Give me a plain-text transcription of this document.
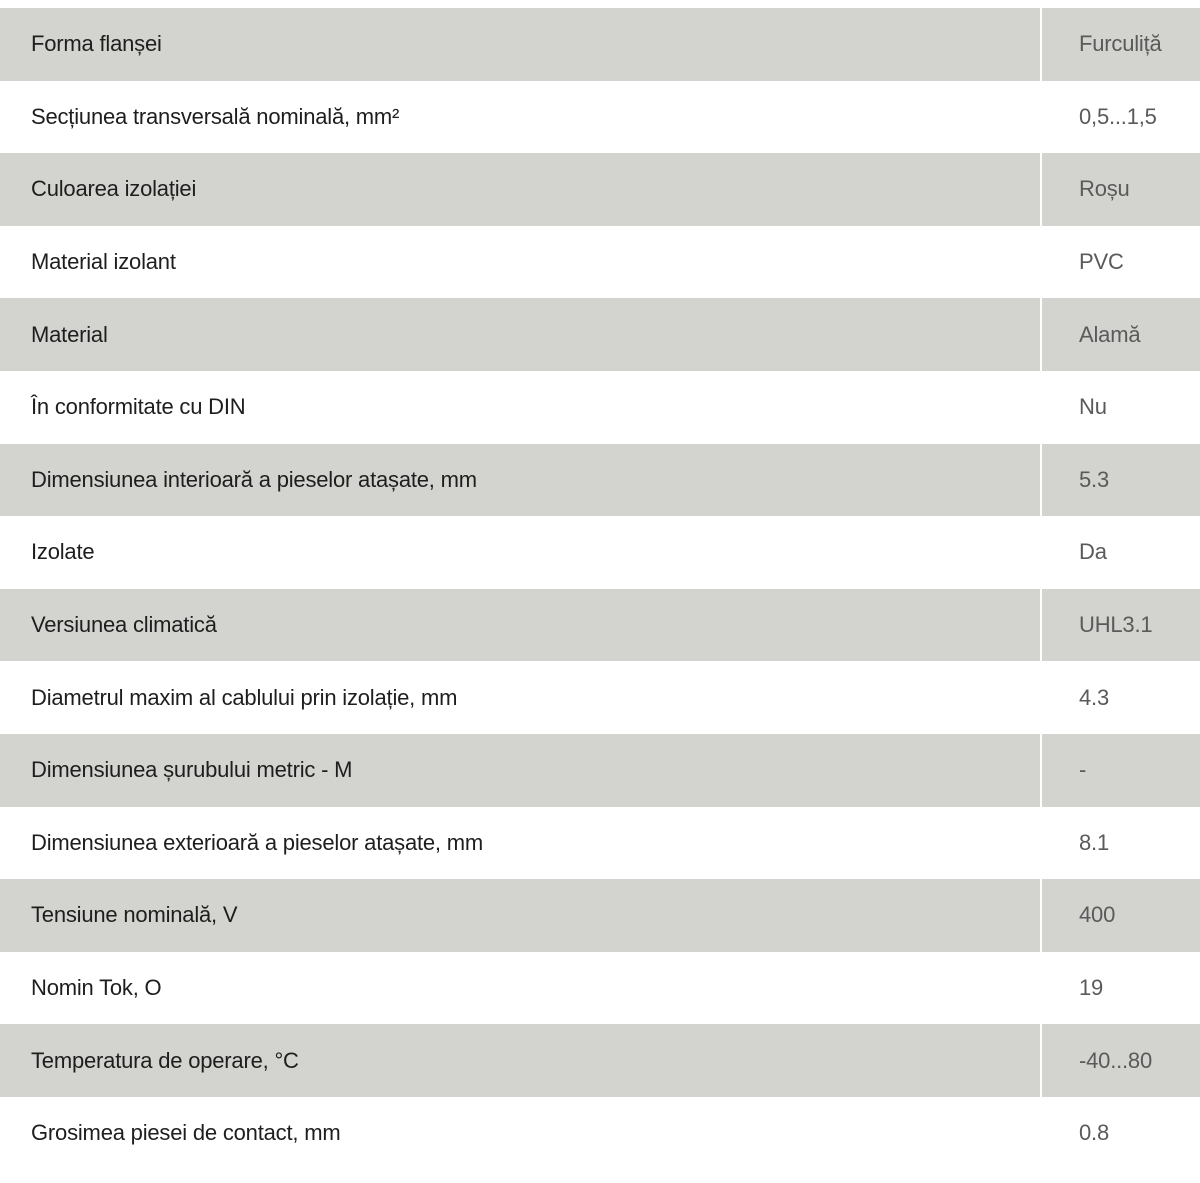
Forma flanșei	Furculiță
Secțiunea transversală nominală, mm²	0,5...1,5
Culoarea izolației	Roșu
Material izolant	PVC
Material	Alamă
În conformitate cu DIN	Nu
Dimensiunea interioară a pieselor atașate, mm	5.3
Izolate	Da
Versiunea climatică	UHL3.1
Diametrul maxim al cablului prin izolație, mm	4.3
Dimensiunea șurubului metric - M	-
Dimensiunea exterioară a pieselor atașate, mm	8.1
Tensiune nominală, V	400
Nomin Tok, O	19
Temperatura de operare, °C	-40...80
Grosimea piesei de contact, mm	0.8
